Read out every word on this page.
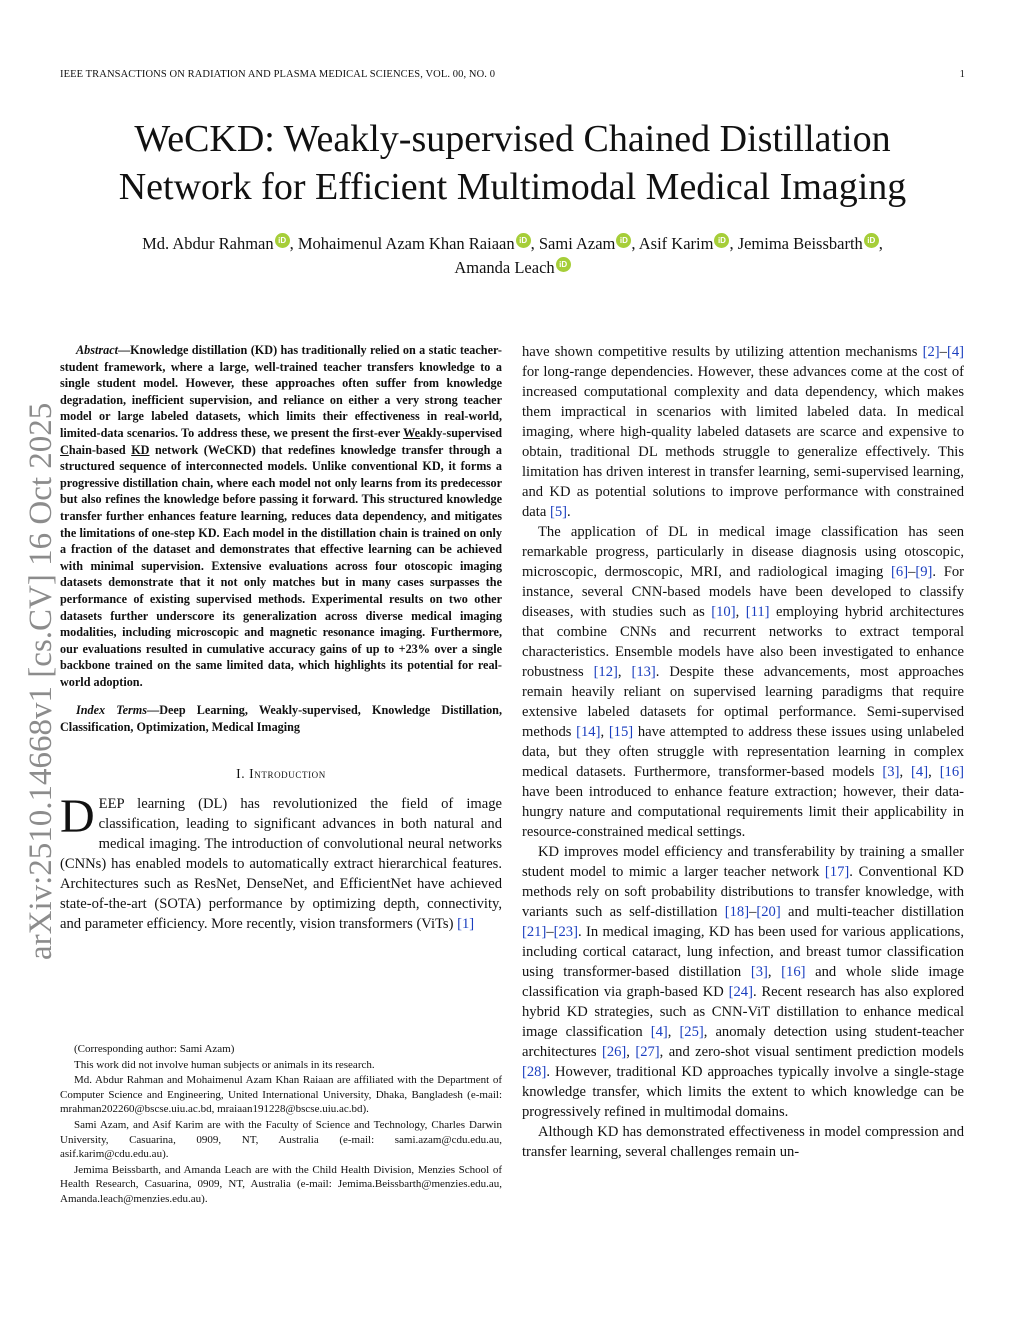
IEEE TRANSACTIONS ON RADIATION AND PLASMA MEDICAL SCIENCES, VOL. 00, NO. 0	1
arXiv:2510.14668v1 [cs.CV] 16 Oct 2025
WeCKD: Weakly-supervised Chained Distillation
Network for Efficient Multimodal Medical Imaging
Md. Abdur Rahman iD , Mohaimenul Azam Khan Raiaan iD , Sami Azam iD , Asif Karim iD , Jemima Beissbarth iD ,
Amanda Leach iD

Abstract—Knowledge distillation (KD) has traditionally relied on a static teacher-student framework, where a large, well-trained teacher transfers knowledge to a single student model. However, these approaches often suffer from knowledge degradation, inefficient supervision, and reliance on either a very strong teacher model or large labeled datasets, which limits their effectiveness in real-world, limited-data scenarios. To address these, we present the first-ever Weakly-supervised Chain-based KD network (WeCKD) that redefines knowledge transfer through a structured sequence of interconnected models. Unlike conventional KD, it forms a progressive distillation chain, where each model not only learns from its predecessor but also refines the knowledge before passing it forward. This structured knowledge transfer further enhances feature learning, reduces data dependency, and mitigates the limitations of one-step KD. Each model in the distillation chain is trained on only a fraction of the dataset and demonstrates that effective learning can be achieved with minimal supervision. Extensive evaluations across four otoscopic imaging datasets demonstrate that it not only matches but in many cases surpasses the performance of existing supervised methods. Experimental results on two other datasets further underscore its generalization across diverse medical imaging modalities, including microscopic and magnetic resonance imaging. Furthermore, our evaluations resulted in cumulative accuracy gains of up to +23% over a single backbone trained on the same limited data, which highlights its potential for real-world adoption.

Index Terms—Deep Learning, Weakly-supervised, Knowledge Distillation, Classification, Optimization, Medical Imaging

I. Introduction

DEEP learning (DL) has revolutionized the field of image classification, leading to significant advances in both natural and medical imaging. The introduction of convolutional neural networks (CNNs) has enabled models to automatically extract hierarchical features. Architectures such as ResNet, DenseNet, and EfficientNet have achieved state-of-the-art (SOTA) performance by optimizing depth, connectivity, and parameter efficiency. More recently, vision transformers (ViTs) [1]

(Corresponding author: Sami Azam)

This work did not involve human subjects or animals in its research.

Md. Abdur Rahman and Mohaimenul Azam Khan Raiaan are affiliated with the Department of Computer Science and Engineering, United International University, Dhaka, Bangladesh (e-mail: mrahman202260@bscse.uiu.ac.bd, mraiaan191228@bscse.uiu.ac.bd).

Sami Azam, and Asif Karim are with the Faculty of Science and Technology, Charles Darwin University, Casuarina, 0909, NT, Australia (e-mail: sami.azam@cdu.edu.au, asif.karim@cdu.edu.au).

Jemima Beissbarth, and Amanda Leach are with the Child Health Division, Menzies School of Health Research, Casuarina, 0909, NT, Australia (e-mail: Jemima.Beissbarth@menzies.edu.au, Amanda.leach@menzies.edu.au).

have shown competitive results by utilizing attention mechanisms [2]–[4] for long-range dependencies. However, these advances come at the cost of increased computational complexity and data dependency, which makes them impractical in scenarios with limited labeled data. In medical imaging, where high-quality labeled datasets are scarce and expensive to obtain, traditional DL methods struggle to generalize effectively. This limitation has driven interest in transfer learning, semi-supervised learning, and KD as potential solutions to improve performance with constrained data [5].

The application of DL in medical image classification has seen remarkable progress, particularly in disease diagnosis using otoscopic, microscopic, dermoscopic, MRI, and radiological imaging [6]–[9]. For instance, several CNN-based models have been developed to classify diseases, with studies such as [10], [11] employing hybrid architectures that combine CNNs and recurrent networks to extract temporal characteristics. Ensemble models have also been investigated to enhance robustness [12], [13]. Despite these advancements, most approaches remain heavily reliant on supervised learning paradigms that require extensive labeled datasets for optimal performance. Semi-supervised methods [14], [15] have attempted to address these issues using unlabeled data, but they often struggle with representation learning in complex medical datasets. Furthermore, transformer-based models [3], [4], [16] have been introduced to enhance feature extraction; however, their data-hungry nature and computational requirements limit their applicability in resource-constrained medical settings.

KD improves model efficiency and transferability by training a smaller student model to mimic a larger teacher network [17]. Conventional KD methods rely on soft probability distributions to transfer knowledge, with variants such as self-distillation [18]–[20] and multi-teacher distillation [21]–[23]. In medical imaging, KD has been used for various applications, including cortical cataract, lung infection, and breast tumor classification using transformer-based distillation [3], [16] and whole slide image classification via graph-based KD [24]. Recent research has also explored hybrid KD strategies, such as CNN-ViT distillation to enhance medical image classification [4], [25], anomaly detection using student-teacher architectures [26], [27], and zero-shot visual sentiment prediction models [28]. However, traditional KD approaches typically involve a single-stage knowledge transfer, which limits the extent to which knowledge can be progressively refined in multimodal domains.

Although KD has demonstrated effectiveness in model compression and transfer learning, several challenges remain un-
